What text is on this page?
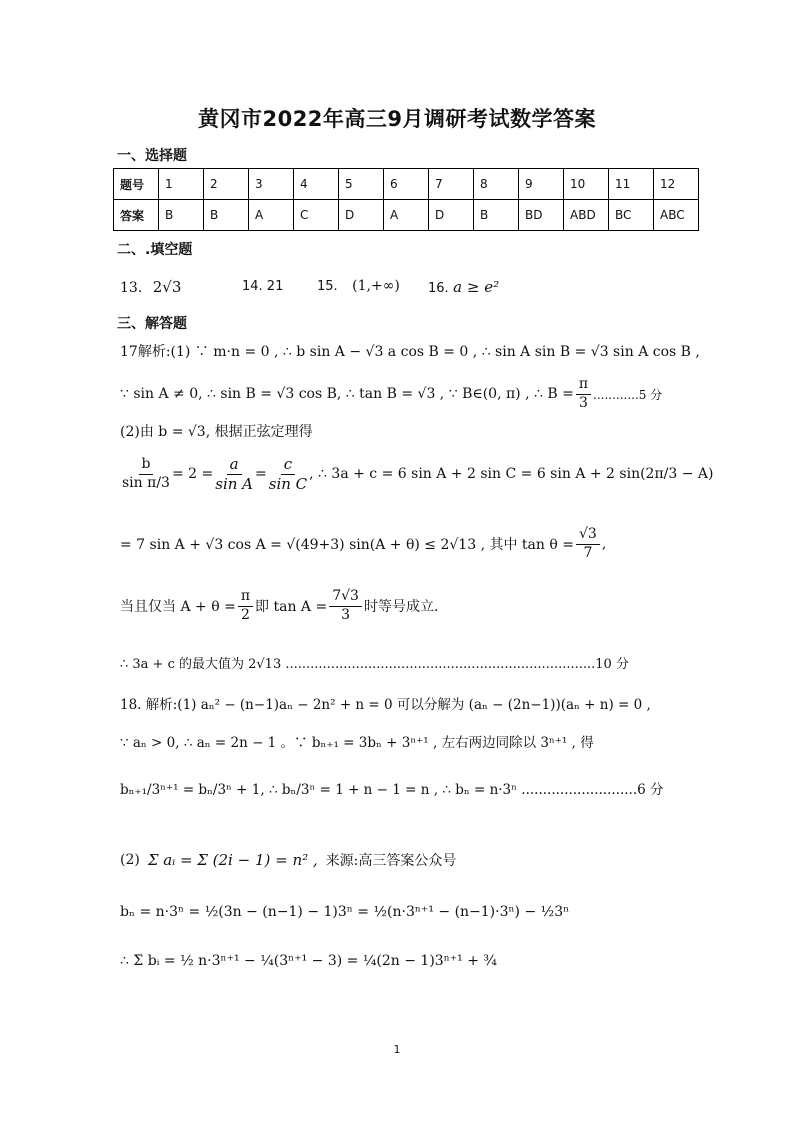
黄冈市2022年高三9月调研考试数学答案
一、选择题
题号	1	2	3	4	5	6	7	8	9	10	11	12
答案	B	B	A	C	D	A	D	B	BD	ABD	BC	ABC
二、.填空题
13. 2√3	14. 21	15. (1,+∞) 16. a ≥ e²
三、解答题
17解析:(1) ∵ m·n = 0 , ∴ b sin A − √3 a cos B = 0 , ∴ sin A sin B = √3 sin A cos B ,
∵ sin A ≠ 0, ∴ sin B = √3 cos B, ∴ tan B = √3 , ∵ B∈(0, π) , ∴ $B = \frac{\pi}{3} ............5$ 分
(2)由 b = √3, 根据正弦定理得
$\frac{b}{\text{sin π/3}} = 2 = \frac{a}{\text{sin A}} = \frac{c}{\text{sin C}}$ , ∴ 3a + c = 6 sin A + 2 sin C = 6 sin A + 2 sin(2π/3 − A)
= 7 sin A + √3 cos A = √(49+3) sin(A + θ) ≤ 2√13 , 其中 $\tan \theta = \frac{√3}{7}$ ,
当且仅当 $A + \theta = \frac{\pi}{2}$ 即 $\tan A = \frac{7√3}{3}$ 时等号成立.
∴ 3a + c 的最大值为 2√13 ...........................................................................10 分
18. 解析:(1) aₙ² − (n−1)aₙ − 2n² + n = 0 可以分解为 (aₙ − (2n−1))(aₙ + n) = 0 ,
∵ aₙ > 0, ∴ aₙ = 2n − 1 。∵ bₙ₊₁ = 3bₙ + 3ⁿ⁺¹ , 左右两边同除以 3ⁿ⁺¹ , 得
bₙ₊₁/3ⁿ⁺¹ = bₙ/3ⁿ + 1, ∴ bₙ/3ⁿ = 1 + n − 1 = n , ∴ bₙ = n·3ⁿ ...........................6 分
(2) Σ aᵢ = Σ (2i − 1) = n² , 来源:高三答案公众号
bₙ = n·3ⁿ = ½(3n − (n−1) − 1)3ⁿ = ½(n·3ⁿ⁺¹ − (n−1)·3ⁿ) − ½3ⁿ
∴ Σ bᵢ = ½ n·3ⁿ⁺¹ − ¼(3ⁿ⁺¹ − 3) = ¼(2n − 1)3ⁿ⁺¹ + ¾
1
